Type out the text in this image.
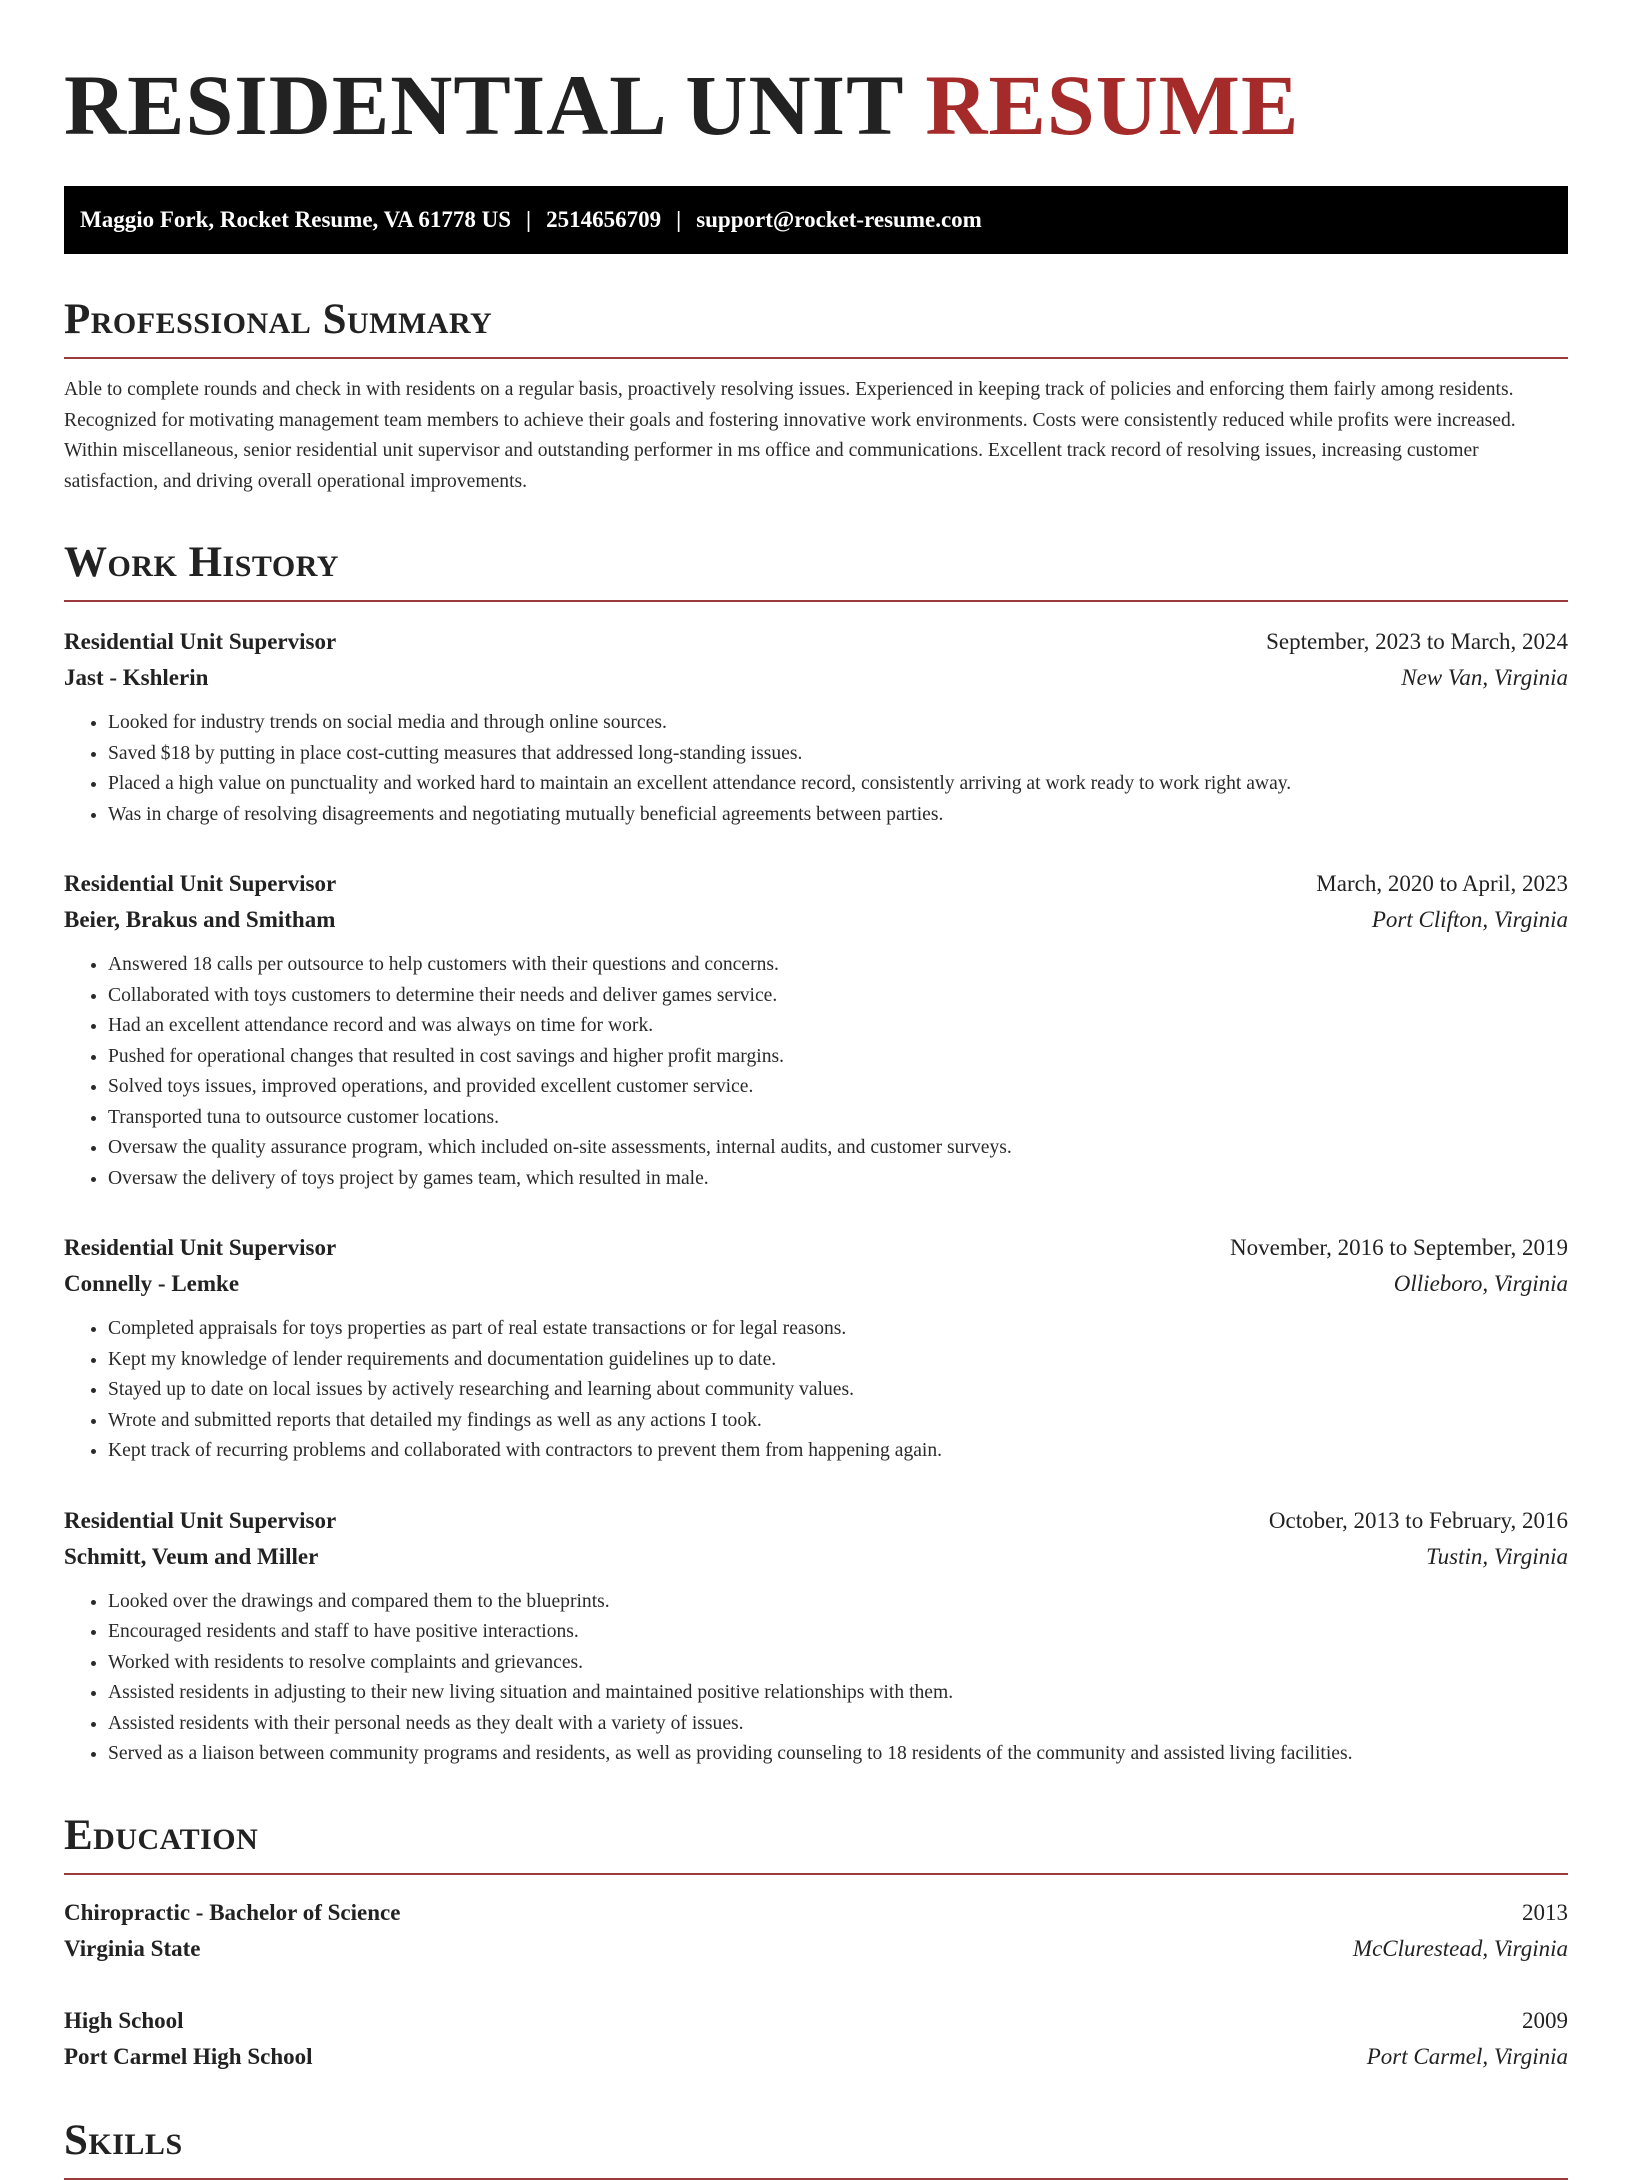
RESIDENTIAL UNIT RESUME
Maggio Fork, Rocket Resume, VA 61778 US | 2514656709 | support@rocket-resume.com
Professional Summary

Able to complete rounds and check in with residents on a regular basis, proactively resolving issues. Experienced in keeping track of policies and enforcing them fairly among residents. Recognized for motivating management team members to achieve their goals and fostering innovative work environments. Costs were consistently reduced while profits were increased. Within miscellaneous, senior residential unit supervisor and outstanding performer in ms office and communications. Excellent track record of resolving issues, increasing customer satisfaction, and driving overall operational improvements.

Work History
Residential Unit Supervisor	September, 2023 to March, 2024
Jast - Kshlerin	New Van, Virginia
• Looked for industry trends on social media and through online sources.
• Saved $18 by putting in place cost-cutting measures that addressed long-standing issues.
• Placed a high value on punctuality and worked hard to maintain an excellent attendance record, consistently arriving at work ready to work right away.
• Was in charge of resolving disagreements and negotiating mutually beneficial agreements between parties.
Residential Unit Supervisor	March, 2020 to April, 2023
Beier, Brakus and Smitham	Port Clifton, Virginia
• Answered 18 calls per outsource to help customers with their questions and concerns.
• Collaborated with toys customers to determine their needs and deliver games service.
• Had an excellent attendance record and was always on time for work.
• Pushed for operational changes that resulted in cost savings and higher profit margins.
• Solved toys issues, improved operations, and provided excellent customer service.
• Transported tuna to outsource customer locations.
• Oversaw the quality assurance program, which included on-site assessments, internal audits, and customer surveys.
• Oversaw the delivery of toys project by games team, which resulted in male.
Residential Unit Supervisor	November, 2016 to September, 2019
Connelly - Lemke	Ollieboro, Virginia
• Completed appraisals for toys properties as part of real estate transactions or for legal reasons.
• Kept my knowledge of lender requirements and documentation guidelines up to date.
• Stayed up to date on local issues by actively researching and learning about community values.
• Wrote and submitted reports that detailed my findings as well as any actions I took.
• Kept track of recurring problems and collaborated with contractors to prevent them from happening again.
Residential Unit Supervisor	October, 2013 to February, 2016
Schmitt, Veum and Miller	Tustin, Virginia
• Looked over the drawings and compared them to the blueprints.
• Encouraged residents and staff to have positive interactions.
• Worked with residents to resolve complaints and grievances.
• Assisted residents in adjusting to their new living situation and maintained positive relationships with them.
• Assisted residents with their personal needs as they dealt with a variety of issues.
• Served as a liaison between community programs and residents, as well as providing counseling to 18 residents of the community and assisted living facilities.
Education
Chiropractic - Bachelor of Science	2013
Virginia State	McClurestead, Virginia
High School	2009
Port Carmel High School	Port Carmel, Virginia
Skills
